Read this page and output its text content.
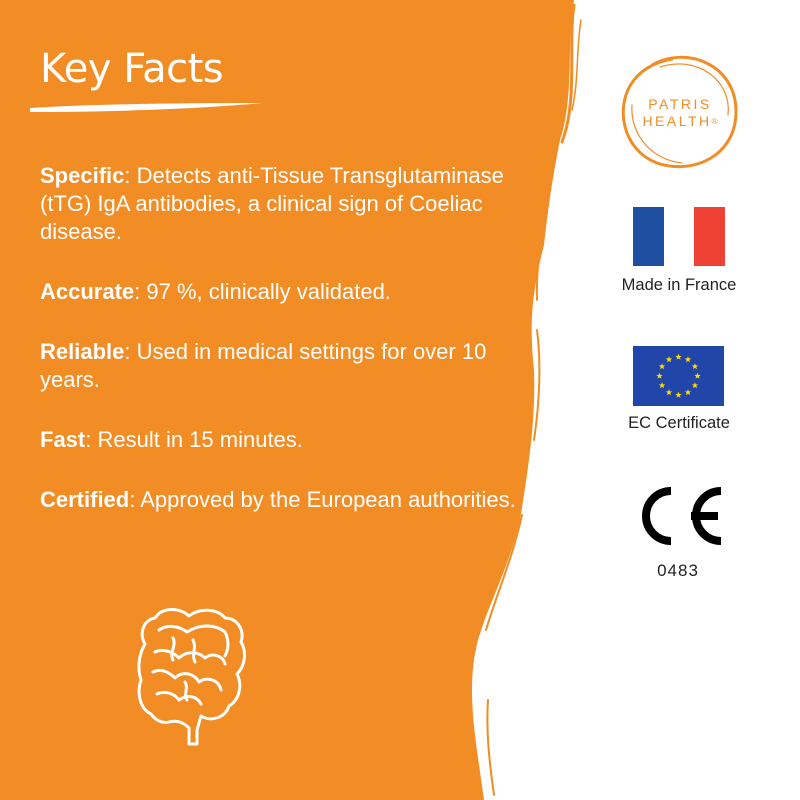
Key Facts

Specific: Detects anti-Tissue Transglutaminase (tTG) IgA antibodies, a clinical sign of Coeliac disease.

Accurate: 97 %, clinically validated.

Reliable: Used in medical settings for over 10 years.

Fast: Result in 15 minutes.

Certified: Approved by the European authorities.

PATRIS
HEALTH®
Made in France
EC Certificate
0483
